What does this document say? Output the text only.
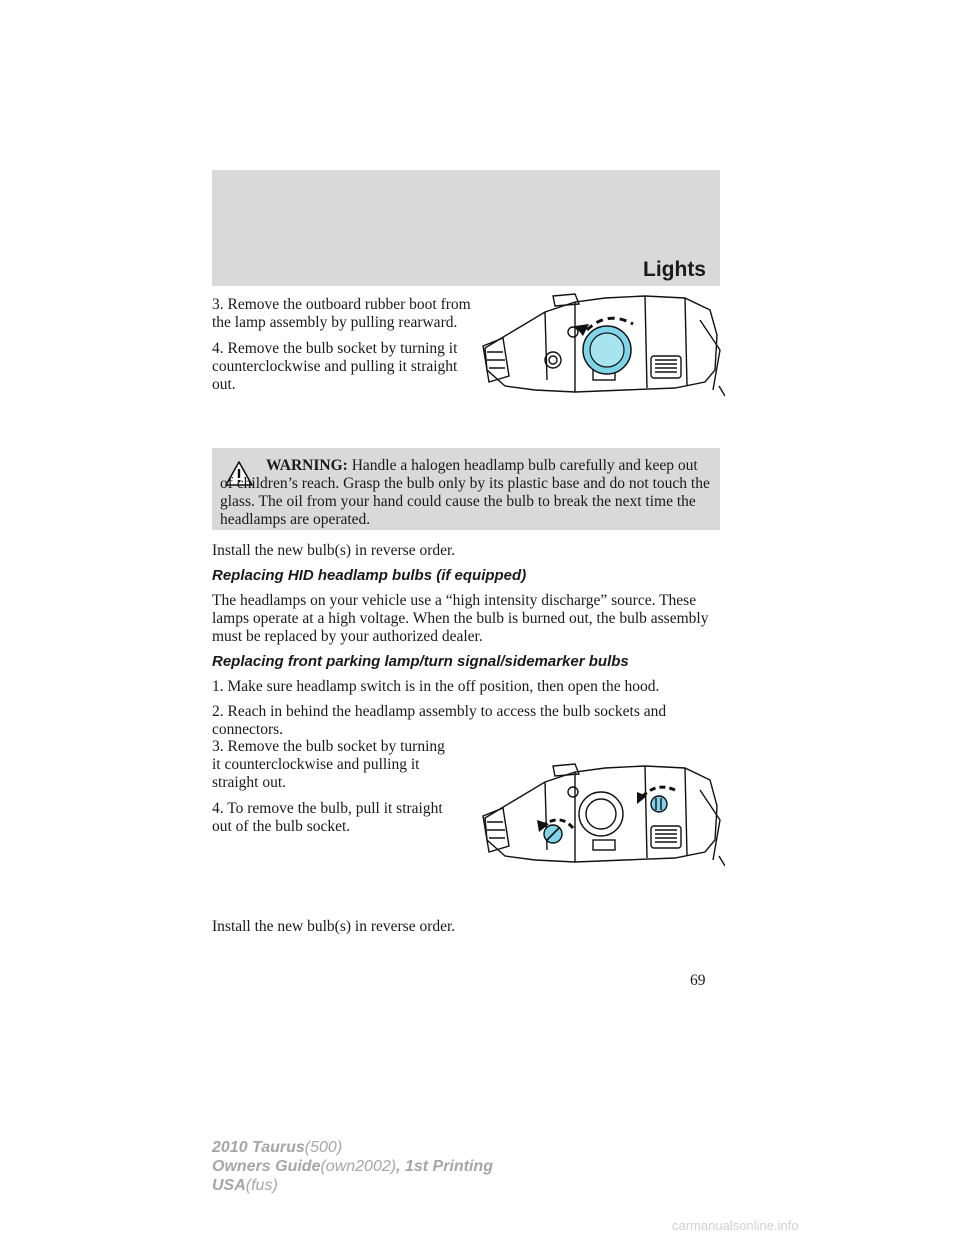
Lights

3. Remove the outboard rubber boot from the lamp assembly by pulling rearward.

4. Remove the bulb socket by turning it counterclockwise and pulling it straight out.

WARNING: Handle a halogen headlamp bulb carefully and keep out of children’s reach. Grasp the bulb only by its plastic base and do not touch the glass. The oil from your hand could cause the bulb to break the next time the headlamps are operated.

Install the new bulb(s) in reverse order.

Replacing HID headlamp bulbs (if equipped)

The headlamps on your vehicle use a “high intensity discharge” source. These lamps operate at a high voltage. When the bulb is burned out, the bulb assembly must be replaced by your authorized dealer.

Replacing front parking lamp/turn signal/sidemarker bulbs

1. Make sure headlamp switch is in the off position, then open the hood.

2. Reach in behind the headlamp assembly to access the bulb sockets and connectors.

3. Remove the bulb socket by turning it counterclockwise and pulling it straight out.

4. To remove the bulb, pull it straight out of the bulb socket.

Install the new bulb(s) in reverse order.

69
2010 Taurus(500)
Owners Guide(own2002), 1st Printing
USA(fus)
carmanualsonline.info
